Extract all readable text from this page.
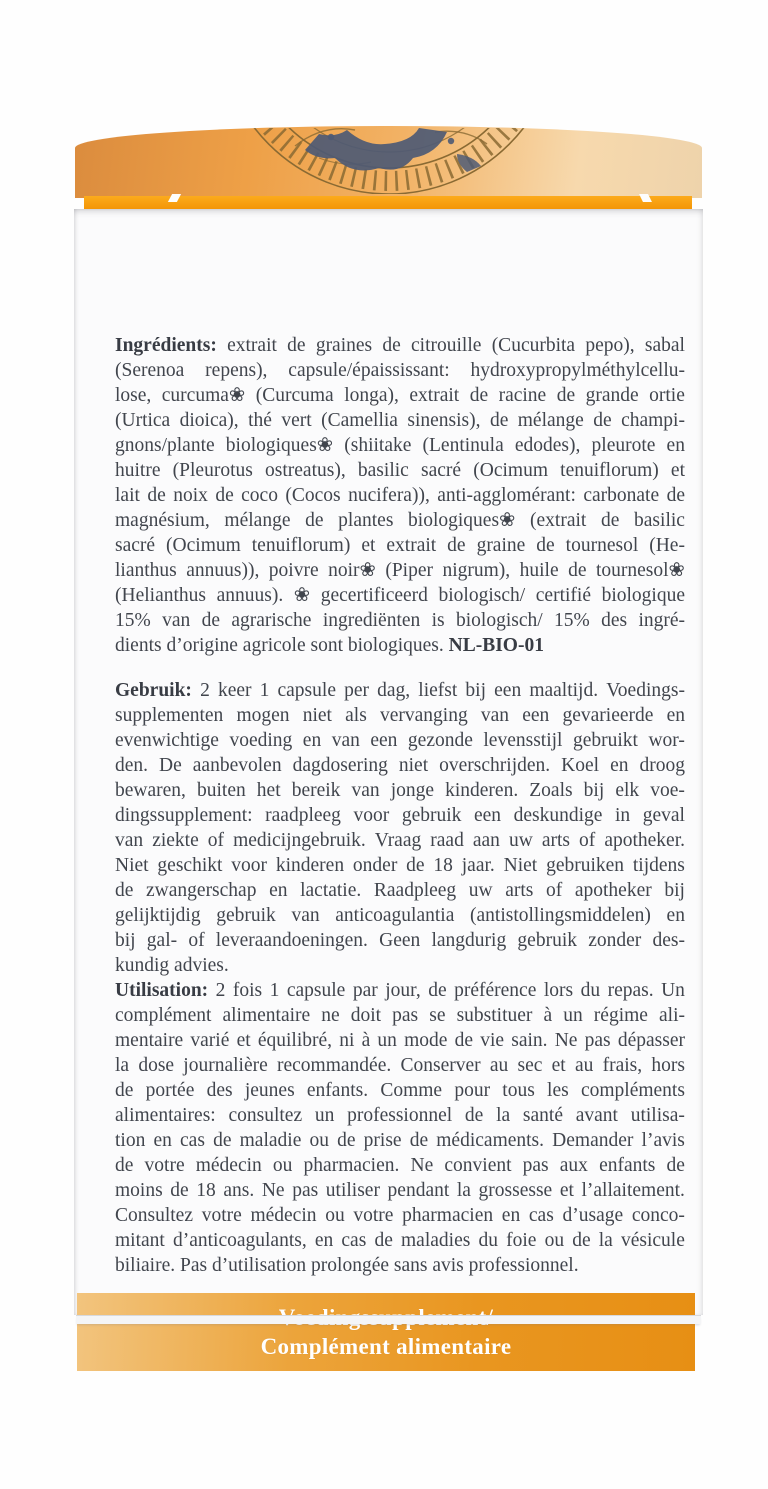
Ingrédients: extrait de graines de citrouille (Cucurbita pepo), sabal
(Serenoa repens), capsule/épaississant: hydroxypropylméthylcellu-
lose, curcuma❀ (Curcuma longa), extrait de racine de grande ortie
(Urtica dioica), thé vert (Camellia sinensis), de mélange de champi-
gnons/plante biologiques❀ (shiitake (Lentinula edodes), pleurote en
huitre (Pleurotus ostreatus), basilic sacré (Ocimum tenuiflorum) et
lait de noix de coco (Cocos nucifera)), anti-agglomérant: carbonate de
magnésium, mélange de plantes biologiques❀ (extrait de basilic
sacré (Ocimum tenuiflorum) et extrait de graine de tournesol (He-
lianthus annuus)), poivre noir❀ (Piper nigrum), huile de tournesol❀
(Helianthus annuus). ❀ gecertificeerd biologisch/ certifié biologique
15% van de agrarische ingrediënten is biologisch/ 15% des ingré-
dients d’origine agricole sont biologiques. NL-BIO-01
Gebruik: 2 keer 1 capsule per dag, liefst bij een maaltijd. Voedings-
supplementen mogen niet als vervanging van een gevarieerde en
evenwichtige voeding en van een gezonde levensstijl gebruikt wor-
den. De aanbevolen dagdosering niet overschrijden. Koel en droog
bewaren, buiten het bereik van jonge kinderen. Zoals bij elk voe-
dingssupplement: raadpleeg voor gebruik een deskundige in geval
van ziekte of medicijngebruik. Vraag raad aan uw arts of apotheker.
Niet geschikt voor kinderen onder de 18 jaar. Niet gebruiken tijdens
de zwangerschap en lactatie. Raadpleeg uw arts of apotheker bij
gelijktijdig gebruik van anticoagulantia (antistollingsmiddelen) en
bij gal- of leveraandoeningen. Geen langdurig gebruik zonder des-
kundig advies.
Utilisation: 2 fois 1 capsule par jour, de préférence lors du repas. Un
complément alimentaire ne doit pas se substituer à un régime ali-
mentaire varié et équilibré, ni à un mode de vie sain. Ne pas dépasser
la dose journalière recommandée. Conserver au sec et au frais, hors
de portée des jeunes enfants. Comme pour tous les compléments
alimentaires: consultez un professionnel de la santé avant utilisa-
tion en cas de maladie ou de prise de médicaments. Demander l’avis
de votre médecin ou pharmacien. Ne convient pas aux enfants de
moins de 18 ans. Ne pas utiliser pendant la grossesse et l’allaitement.
Consultez votre médecin ou votre pharmacien en cas d’usage conco-
mitant d’anticoagulants, en cas de maladies du foie ou de la vésicule
biliaire. Pas d’utilisation prolongée sans avis professionnel.
Complément alimentaire
